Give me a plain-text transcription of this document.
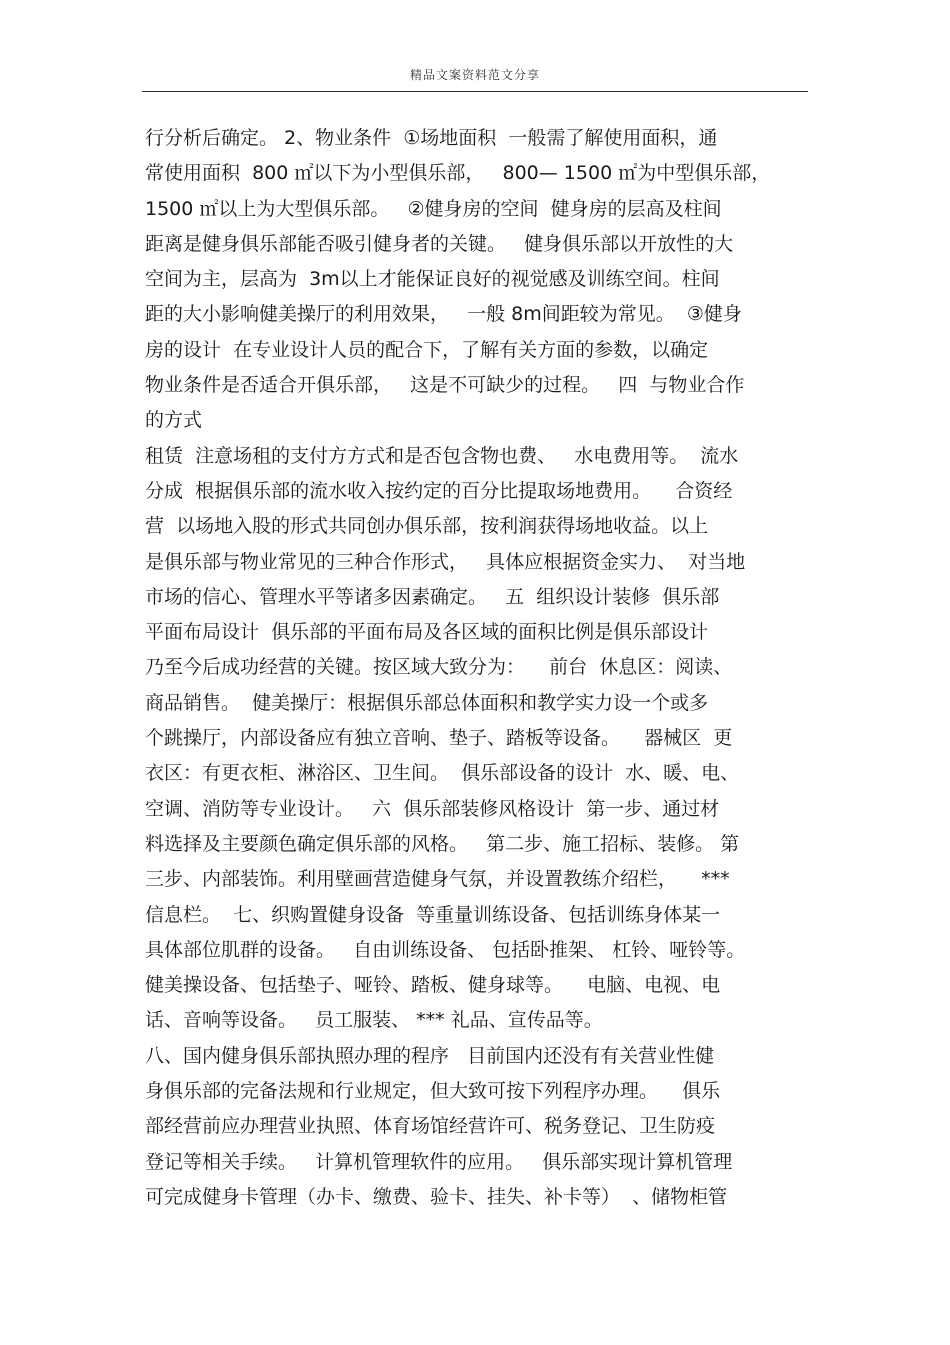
精品文案资料范文分享
行分析后确定。 2、物业条件  ①场地面积  一般需了解使用面积，通
常使用面积  800 ㎡以下为小型俱乐部，   800— 1500 ㎡为中型俱乐部，
1500 ㎡以上为大型俱乐部。   ②健身房的空间  健身房的层高及柱间
距离是健身俱乐部能否吸引健身者的关键。   健身俱乐部以开放性的大
空间为主，层高为  3m以上才能保证良好的视觉感及训练空间。柱间
距的大小影响健美操厅的利用效果，   一般 8m间距较为常见。  ③健身
房的设计  在专业设计人员的配合下，了解有关方面的参数，以确定
物业条件是否适合开俱乐部，   这是不可缺少的过程。   四  与物业合作
的方式
租赁  注意场租的支付方方式和是否包含物也费、   水电费用等。  流水
分成  根据俱乐部的流水收入按约定的百分比提取场地费用。    合资经
营  以场地入股的形式共同创办俱乐部，按利润获得场地收益。以上
是俱乐部与物业常见的三种合作形式，   具体应根据资金实力、  对当地
市场的信心、管理水平等诸多因素确定。   五  组织设计装修  俱乐部
平面布局设计  俱乐部的平面布局及各区域的面积比例是俱乐部设计
乃至今后成功经营的关键。按区域大致分为：    前台  休息区：阅读、
商品销售。  健美操厅：根据俱乐部总体面积和教学实力设一个或多
个跳操厅，内部设备应有独立音响、垫子、踏板等设备。    器械区  更
衣区：有更衣柜、淋浴区、卫生间。  俱乐部设备的设计  水、暖、电、
空调、消防等专业设计。   六  俱乐部装修风格设计  第一步、通过材
料选择及主要颜色确定俱乐部的风格。   第二步、施工招标、装修。 第
三步、内部装饰。利用壁画营造健身气氛，并设置教练介绍栏，    ***
信息栏。  七、织购置健身设备  等重量训练设备、包括训练身体某一
具体部位肌群的设备。   自由训练设备、 包括卧推架、 杠铃、哑铃等。
健美操设备、包括垫子、哑铃、踏板、健身球等。    电脑、电视、电
话、音响等设备。   员工服装、 *** 礼品、宣传品等。
八、国内健身俱乐部执照办理的程序   目前国内还没有有关营业性健
身俱乐部的完备法规和行业规定，但大致可按下列程序办理。    俱乐
部经营前应办理营业执照、体育场馆经营许可、税务登记、卫生防疫
登记等相关手续。   计算机管理软件的应用。   俱乐部实现计算机管理
可完成健身卡管理（办卡、缴费、验卡、挂失、补卡等）  、储物柜管
